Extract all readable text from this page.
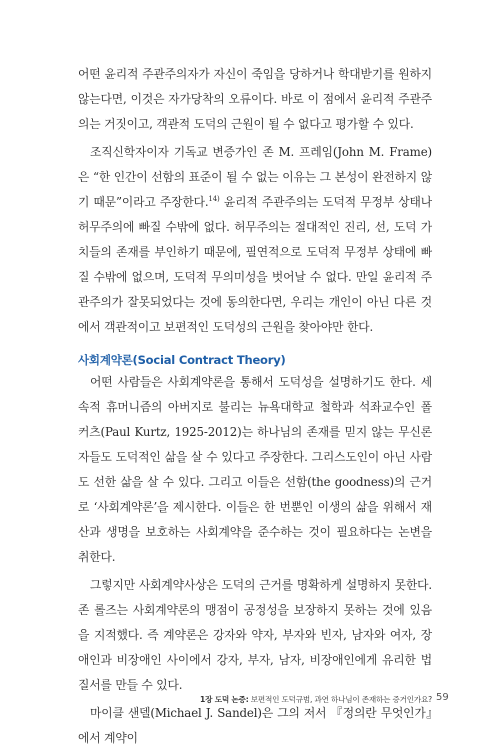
어떤 윤리적 주관주의자가 자신이 죽임을 당하거나 학대받기를 원하지 않는다면, 이것은 자가당착의 오류이다. 바로 이 점에서 윤리적 주관주의는 거짓이고, 객관적 도덕의 근원이 될 수 없다고 평가할 수 있다.

조직신학자이자 기독교 변증가인 존 M. 프레임(John M. Frame)은 “한 인간이 선함의 표준이 될 수 없는 이유는 그 본성이 완전하지 않기 때문”이라고 주장한다.$^{14)}$ 윤리적 주관주의는 도덕적 무정부 상태나 허무주의에 빠질 수밖에 없다. 허무주의는 절대적인 진리, 선, 도덕 가치들의 존재를 부인하기 때문에, 필연적으로 도덕적 무정부 상태에 빠질 수밖에 없으며, 도덕적 무의미성을 벗어날 수 없다. 만일 윤리적 주관주의가 잘못되었다는 것에 동의한다면, 우리는 개인이 아닌 다른 것에서 객관적이고 보편적인 도덕성의 근원을 찾아야만 한다.

사회계약론(Social Contract Theory)

어떤 사람들은 사회계약론을 통해서 도덕성을 설명하기도 한다. 세속적 휴머니즘의 아버지로 불리는 뉴욕대학교 철학과 석좌교수인 폴 커츠(Paul Kurtz, 1925-2012)는 하나님의 존재를 믿지 않는 무신론자들도 도덕적인 삶을 살 수 있다고 주장한다. 그리스도인이 아닌 사람도 선한 삶을 살 수 있다. 그리고 이들은 선함(the goodness)의 근거로 ‘사회계약론’을 제시한다. 이들은 한 번뿐인 이생의 삶을 위해서 재산과 생명을 보호하는 사회계약을 준수하는 것이 필요하다는 논변을 취한다.

그렇지만 사회계약사상은 도덕의 근거를 명확하게 설명하지 못한다. 존 롤즈는 사회계약론의 맹점이 공정성을 보장하지 못하는 것에 있음을 지적했다. 즉 계약론은 강자와 약자, 부자와 빈자, 남자와 여자, 장애인과 비장애인 사이에서 강자, 부자, 남자, 비장애인에게 유리한 법질서를 만들 수 있다.

마이클 샌델(Michael J. Sandel)은 그의 저서 『정의란 무엇인가』에서 계약이

1장 도덕 논증: 보편적인 도덕규범, 과연 하나님이 존재하는 증거인가요? 59
